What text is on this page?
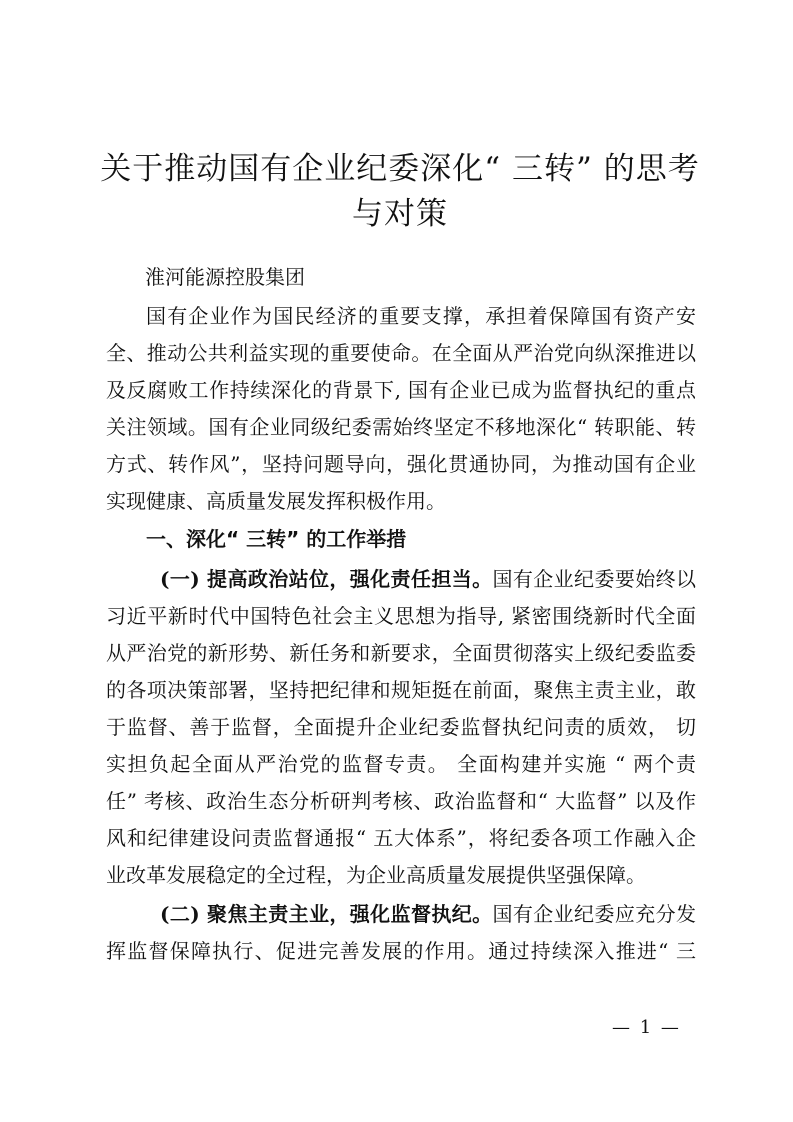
关于推动国有企业纪委深化“ 三转” 的思考
与对策
淮河能源控股集团
国有企业作为国民经济的重要支撑，承担着保障国有资产安
全、推动公共利益实现的重要使命。在全面从严治党向纵深推进以
及反腐败工作持续深化的背景下, 国有企业已成为监督执纪的重点
关注领域。国有企业同级纪委需始终坚定不移地深化“ 转职能、转
方式、转作风”，坚持问题导向，强化贯通协同，为推动国有企业
实现健康、高质量发展发挥积极作用。
一、深化“ 三转” 的工作举措
(一) 提高政治站位，强化责任担当。国有企业纪委要始终以
习近平新时代中国特色社会主义思想为指导, 紧密围绕新时代全面
从严治党的新形势、新任务和新要求，全面贯彻落实上级纪委监委
的各项决策部署，坚持把纪律和规矩挺在前面，聚焦主责主业，敢
于监督、善于监督，全面提升企业纪委监督执纪问责的质效， 切
实担负起全面从严治党的监督专责。 全面构建并实施 “ 两个责
任” 考核、政治生态分析研判考核、政治监督和“ 大监督” 以及作
风和纪律建设问责监督通报“ 五大体系”，将纪委各项工作融入企
业改革发展稳定的全过程，为企业高质量发展提供坚强保障。
(二) 聚焦主责主业，强化监督执纪。国有企业纪委应充分发
挥监督保障执行、促进完善发展的作用。通过持续深入推进“ 三
— 1 —
